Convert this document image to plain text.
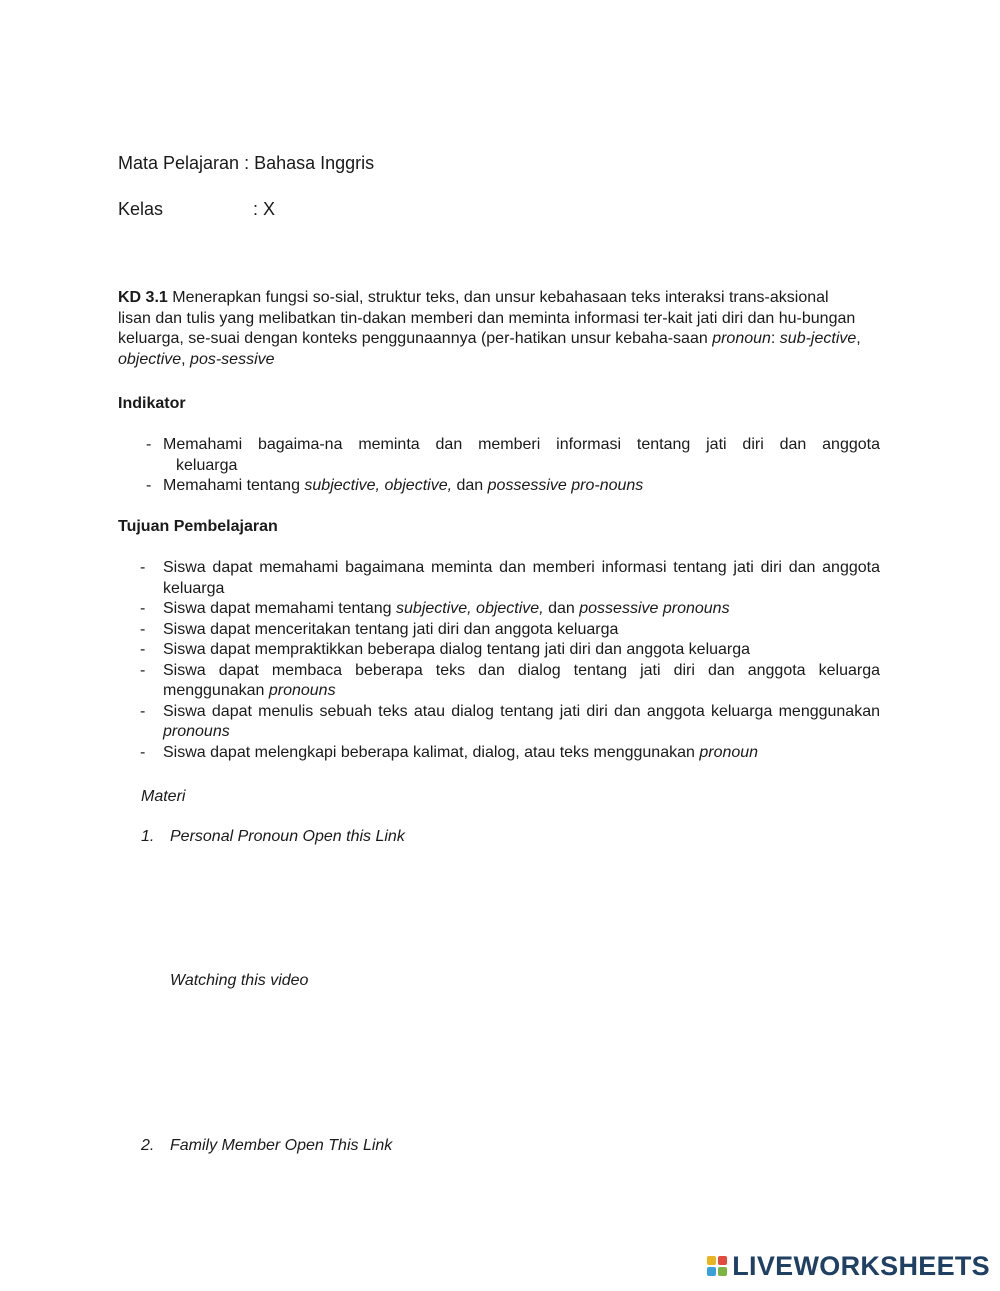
Mata Pelajaran : Bahasa Inggris
Kelas	: X
KD 3.1 Menerapkan fungsi so-sial, struktur teks, dan unsur kebahasaan teks interaksi trans-aksional lisan dan tulis yang melibatkan tin-dakan memberi dan meminta informasi ter-kait jati diri dan hu-bungan keluarga, se-suai dengan konteks penggunaannya (per-hatikan unsur kebaha-saan pronoun: sub-jective, objective, pos-sessive
Indikator
- Memahami bagaima-na meminta dan memberi informasi tentang jati diri dan anggota
keluarga
- Memahami tentang subjective, objective, dan possessive pro-nouns
Tujuan Pembelajaran
- Siswa dapat memahami bagaimana meminta dan memberi informasi tentang jati diri dan anggota keluarga
- Siswa dapat memahami tentang subjective, objective, dan possessive pronouns
- Siswa dapat menceritakan tentang jati diri dan anggota keluarga
- Siswa dapat mempraktikkan beberapa dialog tentang jati diri dan anggota keluarga
- Siswa dapat membaca beberapa teks dan dialog tentang jati diri dan anggota keluarga menggunakan pronouns
- Siswa dapat menulis sebuah teks atau dialog tentang jati diri dan anggota keluarga menggunakan pronouns
- Siswa dapat melengkapi beberapa kalimat, dialog, atau teks menggunakan pronoun
Materi
1. Personal Pronoun Open this Link
Watching this video
2. Family Member Open This Link
LIVEWORKSHEETS
